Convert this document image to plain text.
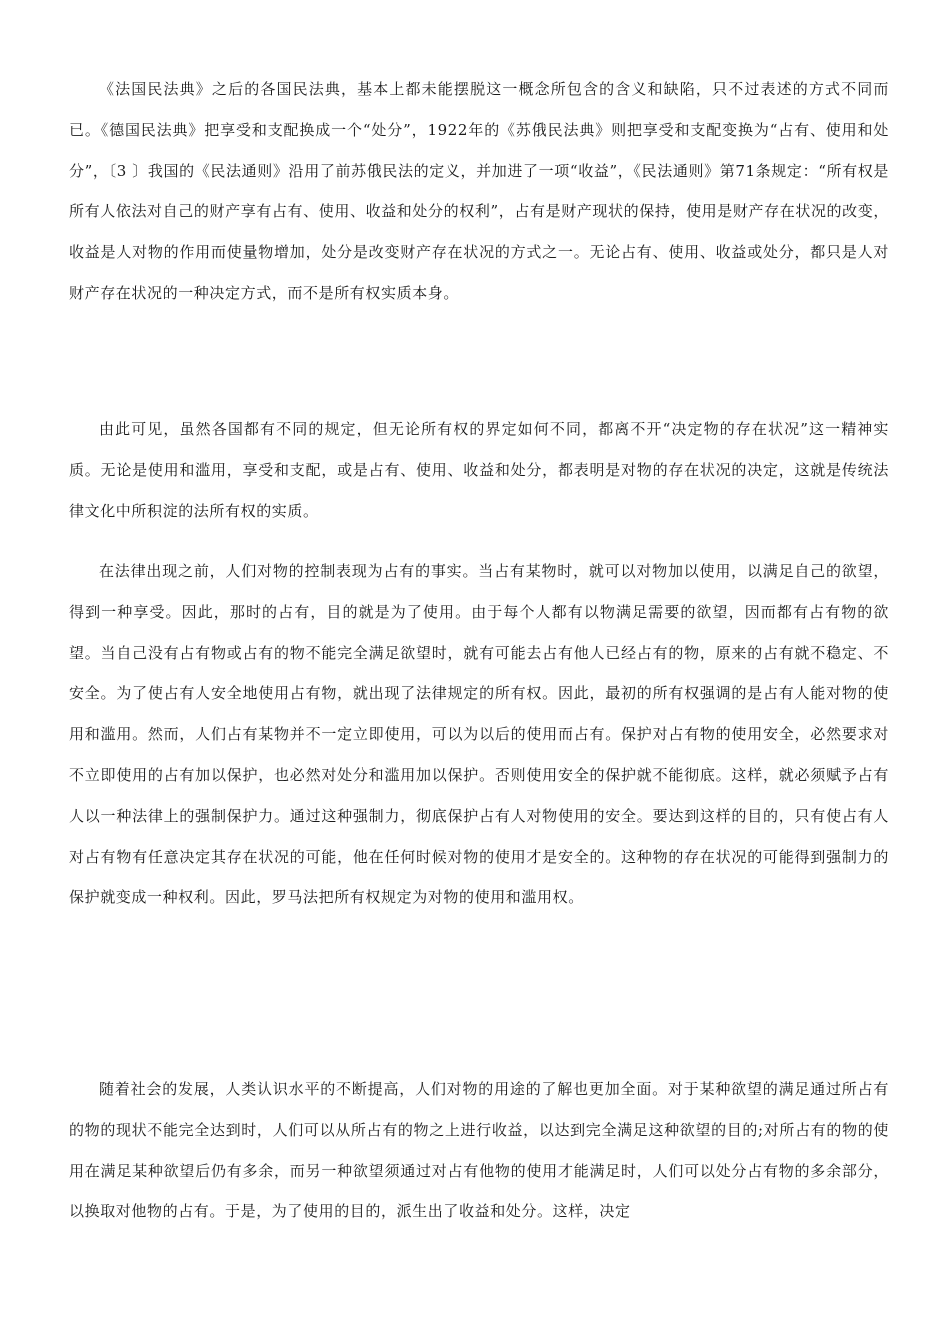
《法国民法典》之后的各国民法典，基本上都未能摆脱这一概念所包含的含义和缺陷，只不过表述的方式不同而已。《德国民法典》把享受和支配换成一个“处分”，1922年的《苏俄民法典》则把享受和支配变换为“占有、使用和处分”，〔3 〕我国的《民法通则》沿用了前苏俄民法的定义，并加进了一项“收益”，《民法通则》第71条规定：“所有权是所有人依法对自己的财产享有占有、使用、收益和处分的权利”，占有是财产现状的保持，使用是财产存在状况的改变，收益是人对物的作用而使量物增加，处分是改变财产存在状况的方式之一。无论占有、使用、收益或处分，都只是人对财产存在状况的一种决定方式，而不是所有权实质本身。

由此可见，虽然各国都有不同的规定，但无论所有权的界定如何不同，都离不开“决定物的存在状况”这一精神实质。无论是使用和滥用，享受和支配，或是占有、使用、收益和处分，都表明是对物的存在状况的决定，这就是传统法律文化中所积淀的法所有权的实质。

在法律出现之前，人们对物的控制表现为占有的事实。当占有某物时，就可以对物加以使用，以满足自己的欲望，得到一种享受。因此，那时的占有，目的就是为了使用。由于每个人都有以物满足需要的欲望，因而都有占有物的欲望。当自己没有占有物或占有的物不能完全满足欲望时，就有可能去占有他人已经占有的物，原来的占有就不稳定、不安全。为了使占有人安全地使用占有物，就出现了法律规定的所有权。因此，最初的所有权强调的是占有人能对物的使用和滥用。然而，人们占有某物并不一定立即使用，可以为以后的使用而占有。保护对占有物的使用安全，必然要求对不立即使用的占有加以保护，也必然对处分和滥用加以保护。否则使用安全的保护就不能彻底。这样，就必须赋予占有人以一种法律上的强制保护力。通过这种强制力，彻底保护占有人对物使用的安全。要达到这样的目的，只有使占有人对占有物有任意决定其存在状况的可能，他在任何时候对物的使用才是安全的。这种物的存在状况的可能得到强制力的保护就变成一种权利。因此，罗马法把所有权规定为对物的使用和滥用权。

随着社会的发展，人类认识水平的不断提高，人们对物的用途的了解也更加全面。对于某种欲望的满足通过所占有的物的现状不能完全达到时，人们可以从所占有的物之上进行收益，以达到完全满足这种欲望的目的;对所占有的物的使用在满足某种欲望后仍有多余，而另一种欲望须通过对占有他物的使用才能满足时，人们可以处分占有物的多余部分，以换取对他物的占有。于是，为了使用的目的，派生出了收益和处分。这样，决定
